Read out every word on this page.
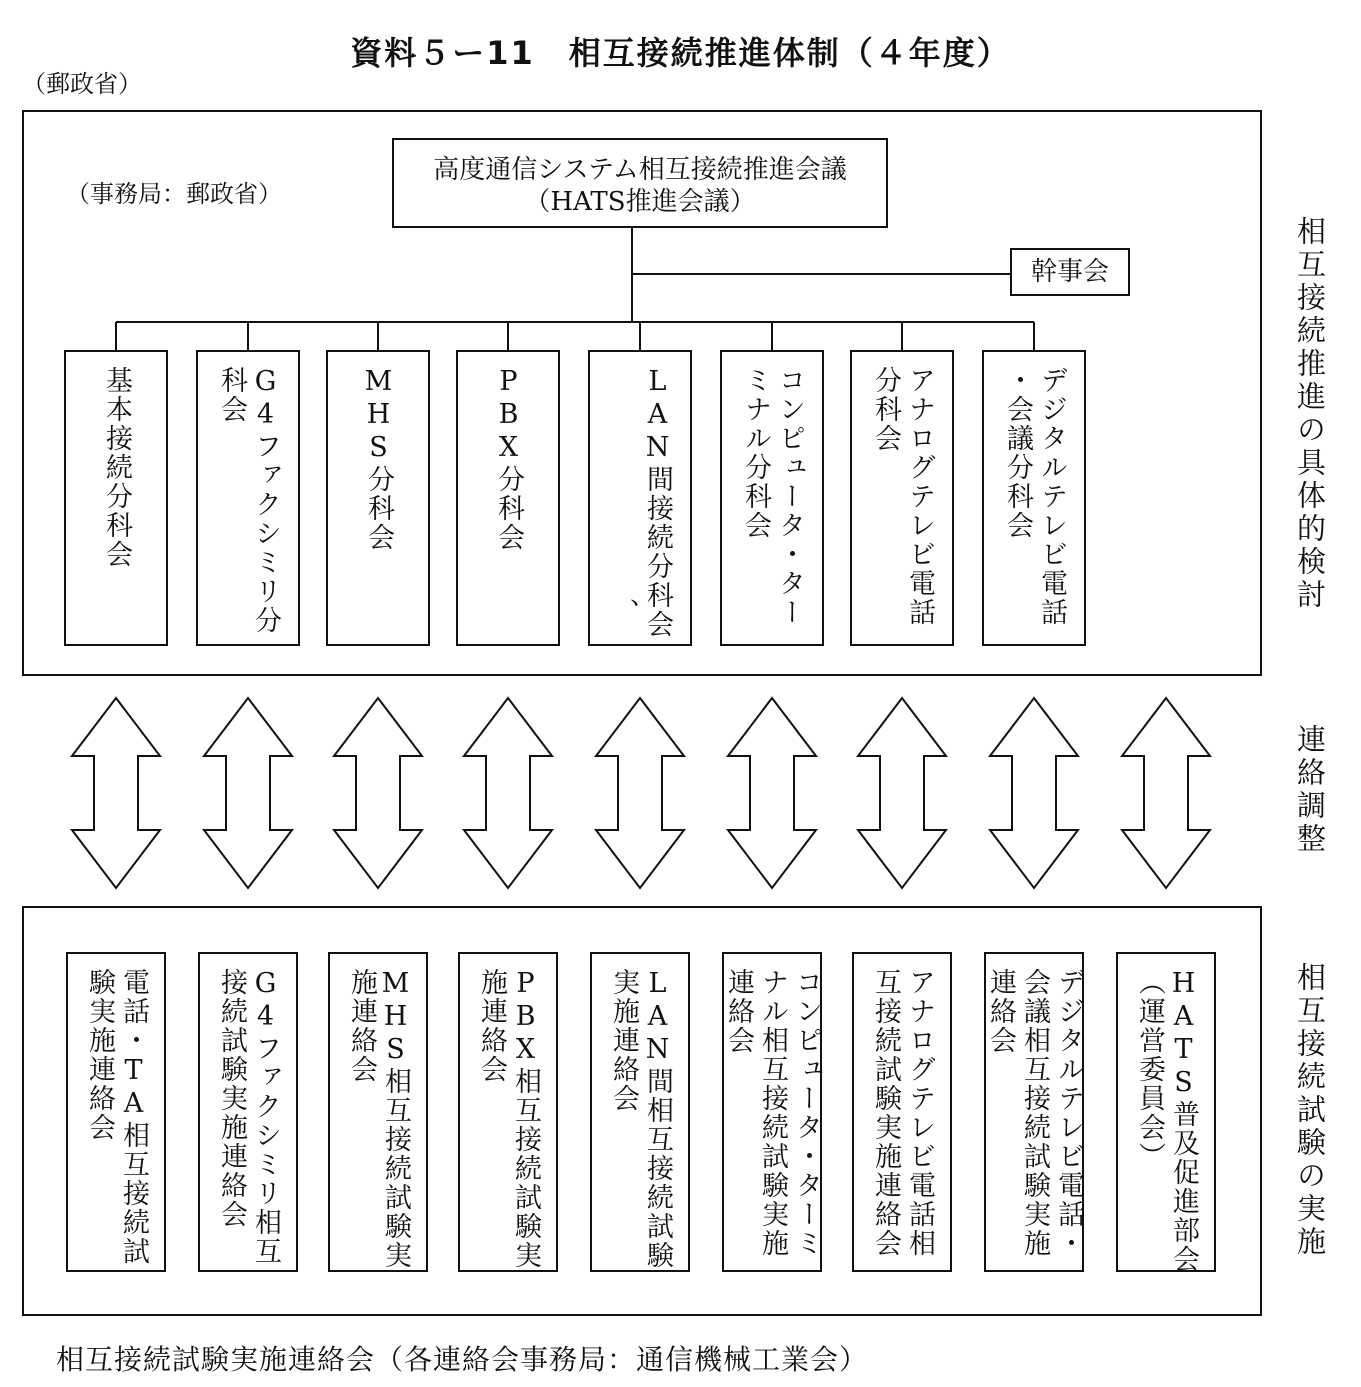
資料５ー11　相互接続推進体制（４年度）
（郵政省）
（事務局：郵政省）
高度通信システム相互接続推進会議
（HATS推進会議）
幹事会
基本接続分科会	G4ファクシミリ分
科会	MHS分科会	PBX分科会	LAN間接続分科会
　　　　　　　　、	コンピュータ・ター
ミナル分科会	アナログテレビ電話
分科会	デジタルテレビ電話
・会議分科会	相互接続推進の具体的検討
連絡調整
電話・TA相互接続試
験実施連絡会	G4ファクシミリ相互
接続試験実施連絡会	MHS相互接続試験実
施連絡会	PBX相互接続試験実
施連絡会	LAN間相互接続試験
実施連絡会	コンピュータ・ターミ
ナル相互接続試験実施
連絡会	アナログテレビ電話相
互接続試験実施連絡会	デジタルテレビ電話・
会議相互接続試験実施
連絡会	HATS普及促進部会
（運営委員会）	相互接続試験の実施
相互接続試験実施連絡会（各連絡会事務局：通信機械工業会）
